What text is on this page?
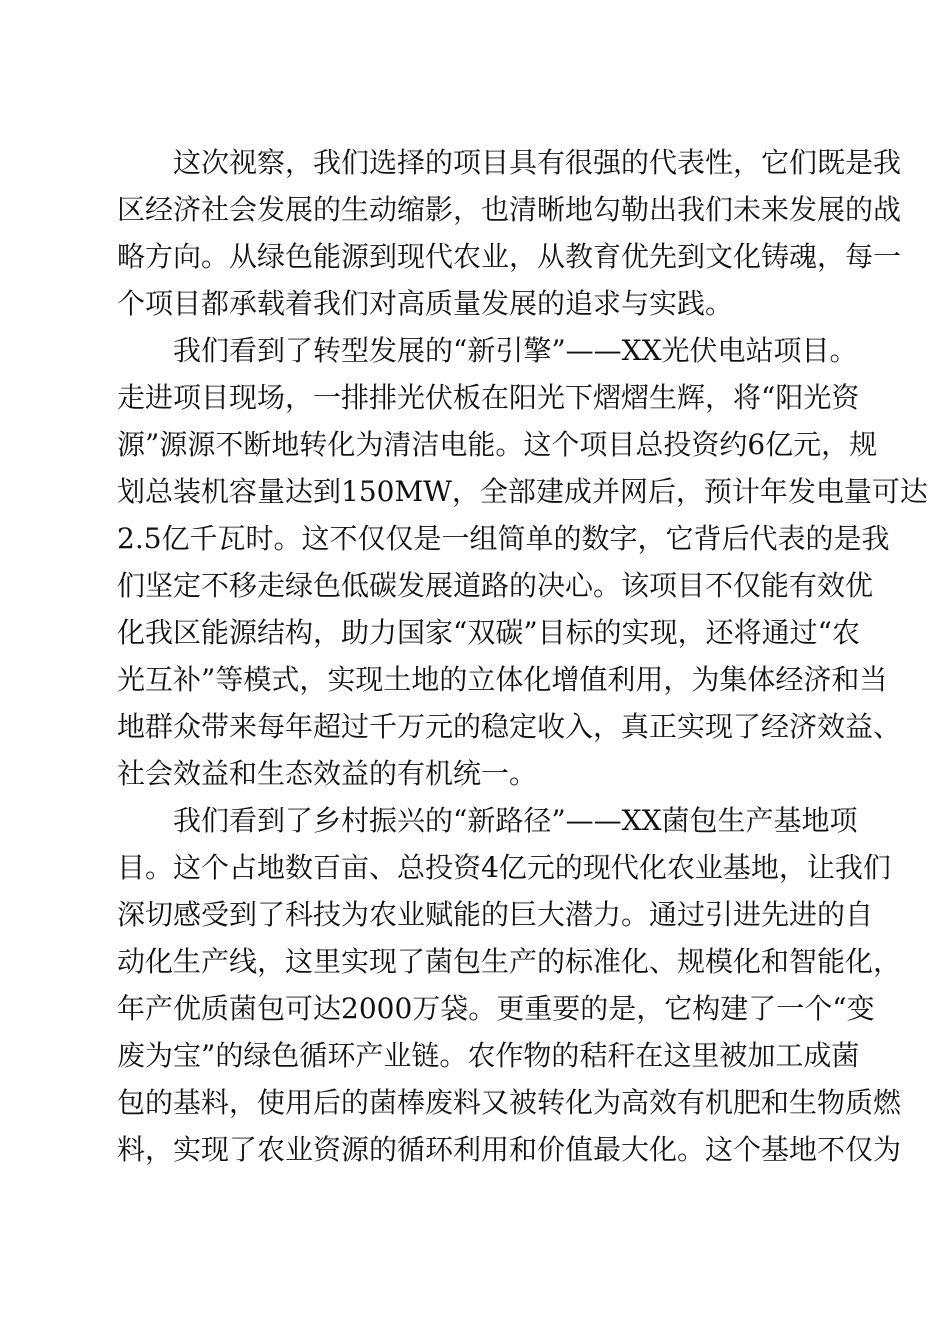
这次视察，我们选择的项目具有很强的代表性，它们既是我
区经济社会发展的生动缩影，也清晰地勾勒出我们未来发展的战
略方向。从绿色能源到现代农业，从教育优先到文化铸魂，每一
个项目都承载着我们对高质量发展的追求与实践。
我们看到了转型发展的“新引擎”——XX光伏电站项目。
走进项目现场，一排排光伏板在阳光下熠熠生辉，将“阳光资
源”源源不断地转化为清洁电能。这个项目总投资约6亿元，规
划总装机容量达到150MW，全部建成并网后，预计年发电量可达
2.5亿千瓦时。这不仅仅是一组简单的数字，它背后代表的是我
们坚定不移走绿色低碳发展道路的决心。该项目不仅能有效优
化我区能源结构，助力国家“双碳”目标的实现，还将通过“农
光互补”等模式，实现土地的立体化增值利用，为集体经济和当
地群众带来每年超过千万元的稳定收入，真正实现了经济效益、
社会效益和生态效益的有机统一。
我们看到了乡村振兴的“新路径”——XX菌包生产基地项
目。这个占地数百亩、总投资4亿元的现代化农业基地，让我们
深切感受到了科技为农业赋能的巨大潜力。通过引进先进的自
动化生产线，这里实现了菌包生产的标准化、规模化和智能化，
年产优质菌包可达2000万袋。更重要的是，它构建了一个“变
废为宝”的绿色循环产业链。农作物的秸秆在这里被加工成菌
包的基料，使用后的菌棒废料又被转化为高效有机肥和生物质燃
料，实现了农业资源的循环利用和价值最大化。这个基地不仅为
